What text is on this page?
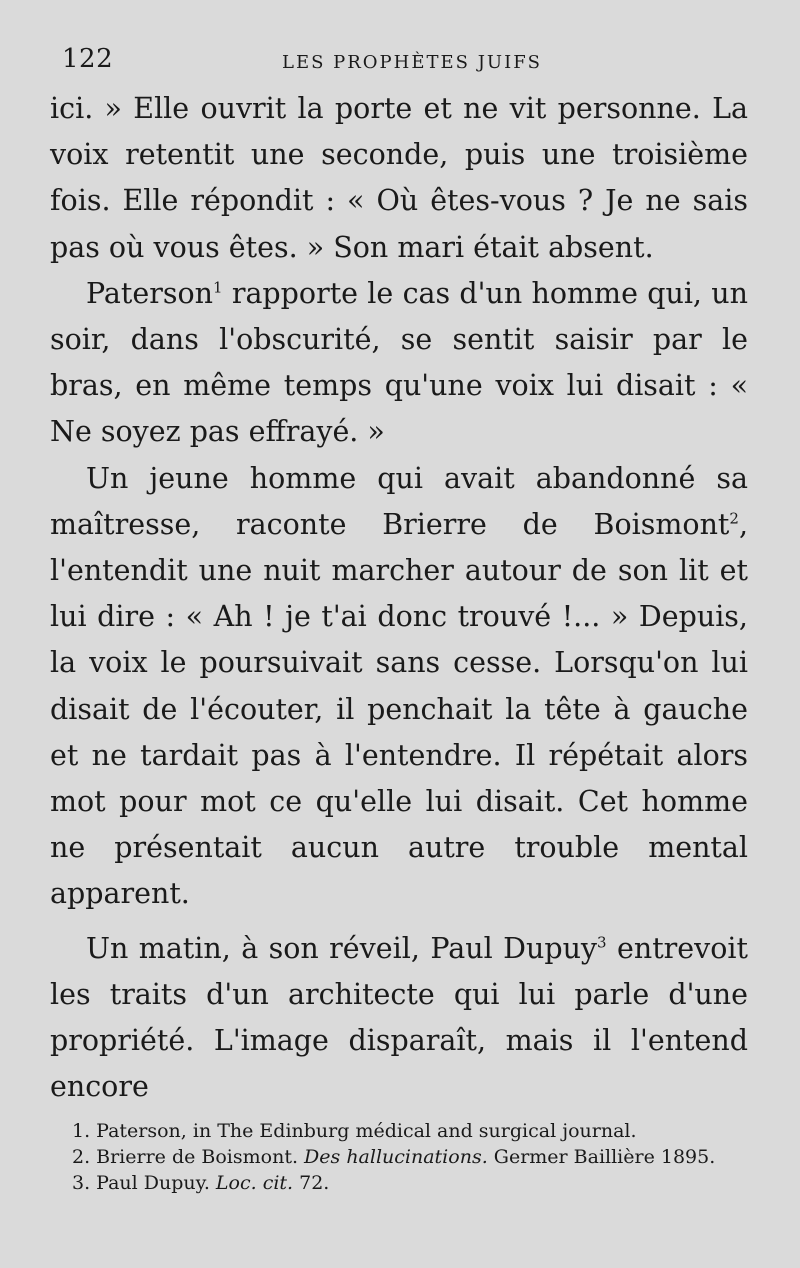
122	LES PROPHÈTES JUIFS

ici. » Elle ouvrit la porte et ne vit personne. La voix retentit une seconde, puis une troisième fois. Elle répondit : « Où êtes-vous ? Je ne sais pas où vous êtes. » Son mari était absent.

Paterson$^1$ rapporte le cas d'un homme qui, un soir, dans l'obscurité, se sentit saisir par le bras, en même temps qu'une voix lui disait : « Ne soyez pas effrayé. »

Un jeune homme qui avait abandonné sa maîtresse, raconte Brierre de Boismont$^2$, l'entendit une nuit marcher autour de son lit et lui dire : « Ah ! je t'ai donc trouvé !... » Depuis, la voix le poursuivait sans cesse. Lorsqu'on lui disait de l'écouter, il penchait la tête à gauche et ne tardait pas à l'entendre. Il répétait alors mot pour mot ce qu'elle lui disait. Cet homme ne présentait aucun autre trouble mental apparent.

Un matin, à son réveil, Paul Dupuy$^3$ entrevoit les traits d'un architecte qui lui parle d'une propriété. L'image disparaît, mais il l'entend encore

1. Paterson, in The Edinburg médical and surgical journal.

2. Brierre de Boismont. Des hallucinations. Germer Baillière 1895.

3. Paul Dupuy. Loc. cit. 72.
